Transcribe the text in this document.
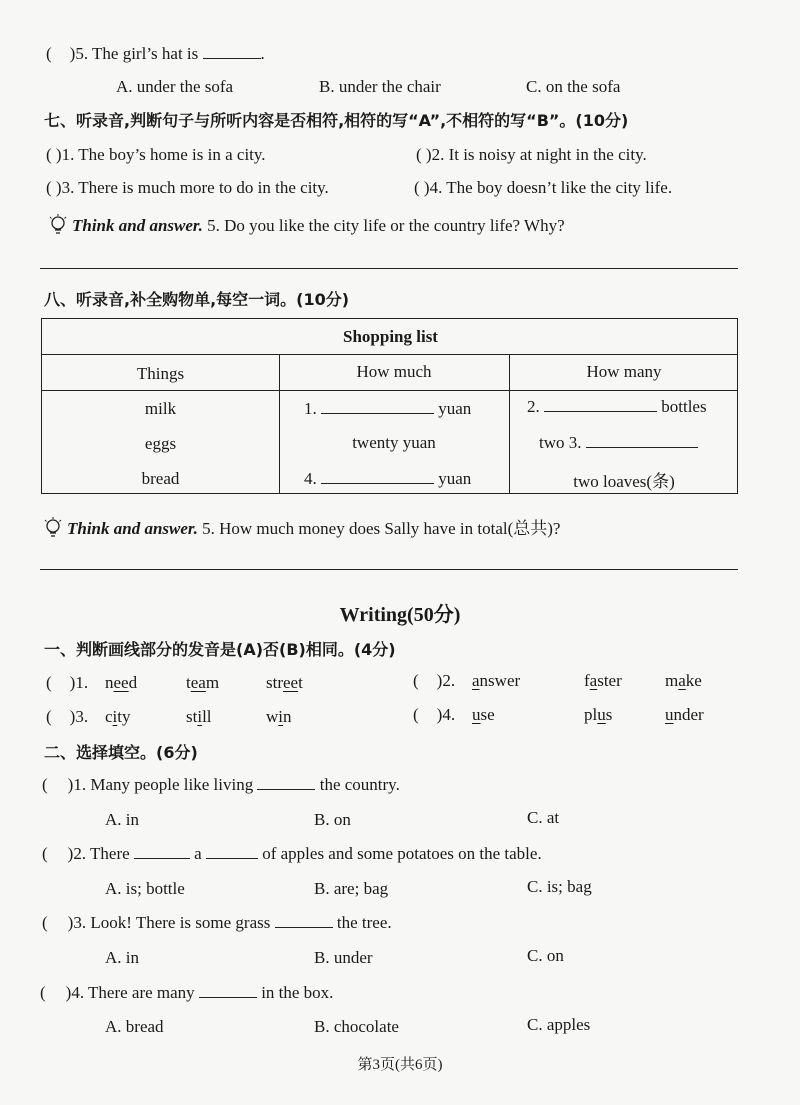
( )5. The girl’s hat is	.
A. under the sofa	B. under the chair	C. on the sofa
七、听录音,判断句子与所听内容是否相符,相符的写“A”,不相符的写“B”。(10分)
( )1. The boy’s home is in a city.	( )2. It is noisy at night in the city.
( )3. There is much more to do in the city.	( )4. The boy doesn’t like the city life.
Think and answer. 5. Do you like the city life or the country life? Why?
八、听录音,补全购物单,每空一词。(10分)
Shopping list
Things	How much	How many
milk	1.	yuan	2.	bottles
eggs	twenty yuan	two 3.
bread	4.	yuan	two loaves(条)
Think and answer. 5. How much money does Sally have in total(总共)?
Writing(50分)
一、判断画线部分的发音是(A)否(B)相同。(4分)
( )1. need	team	street	( )2. answer	faster	make
( )3. city	still	win	( )4. use	plus	under
二、选择填空。(6分)
( )1. Many people like living	the country.
A. in	B. on	C. at
( )2. There	a	of apples and some potatoes on the table.
A. is; bottle	B. are; bag	C. is; bag
( )3. Look! There is some grass	the tree.
A. in	B. under	C. on
( )4. There are many	in the box.
A. bread	B. chocolate	C. apples
第3页(共6页)
